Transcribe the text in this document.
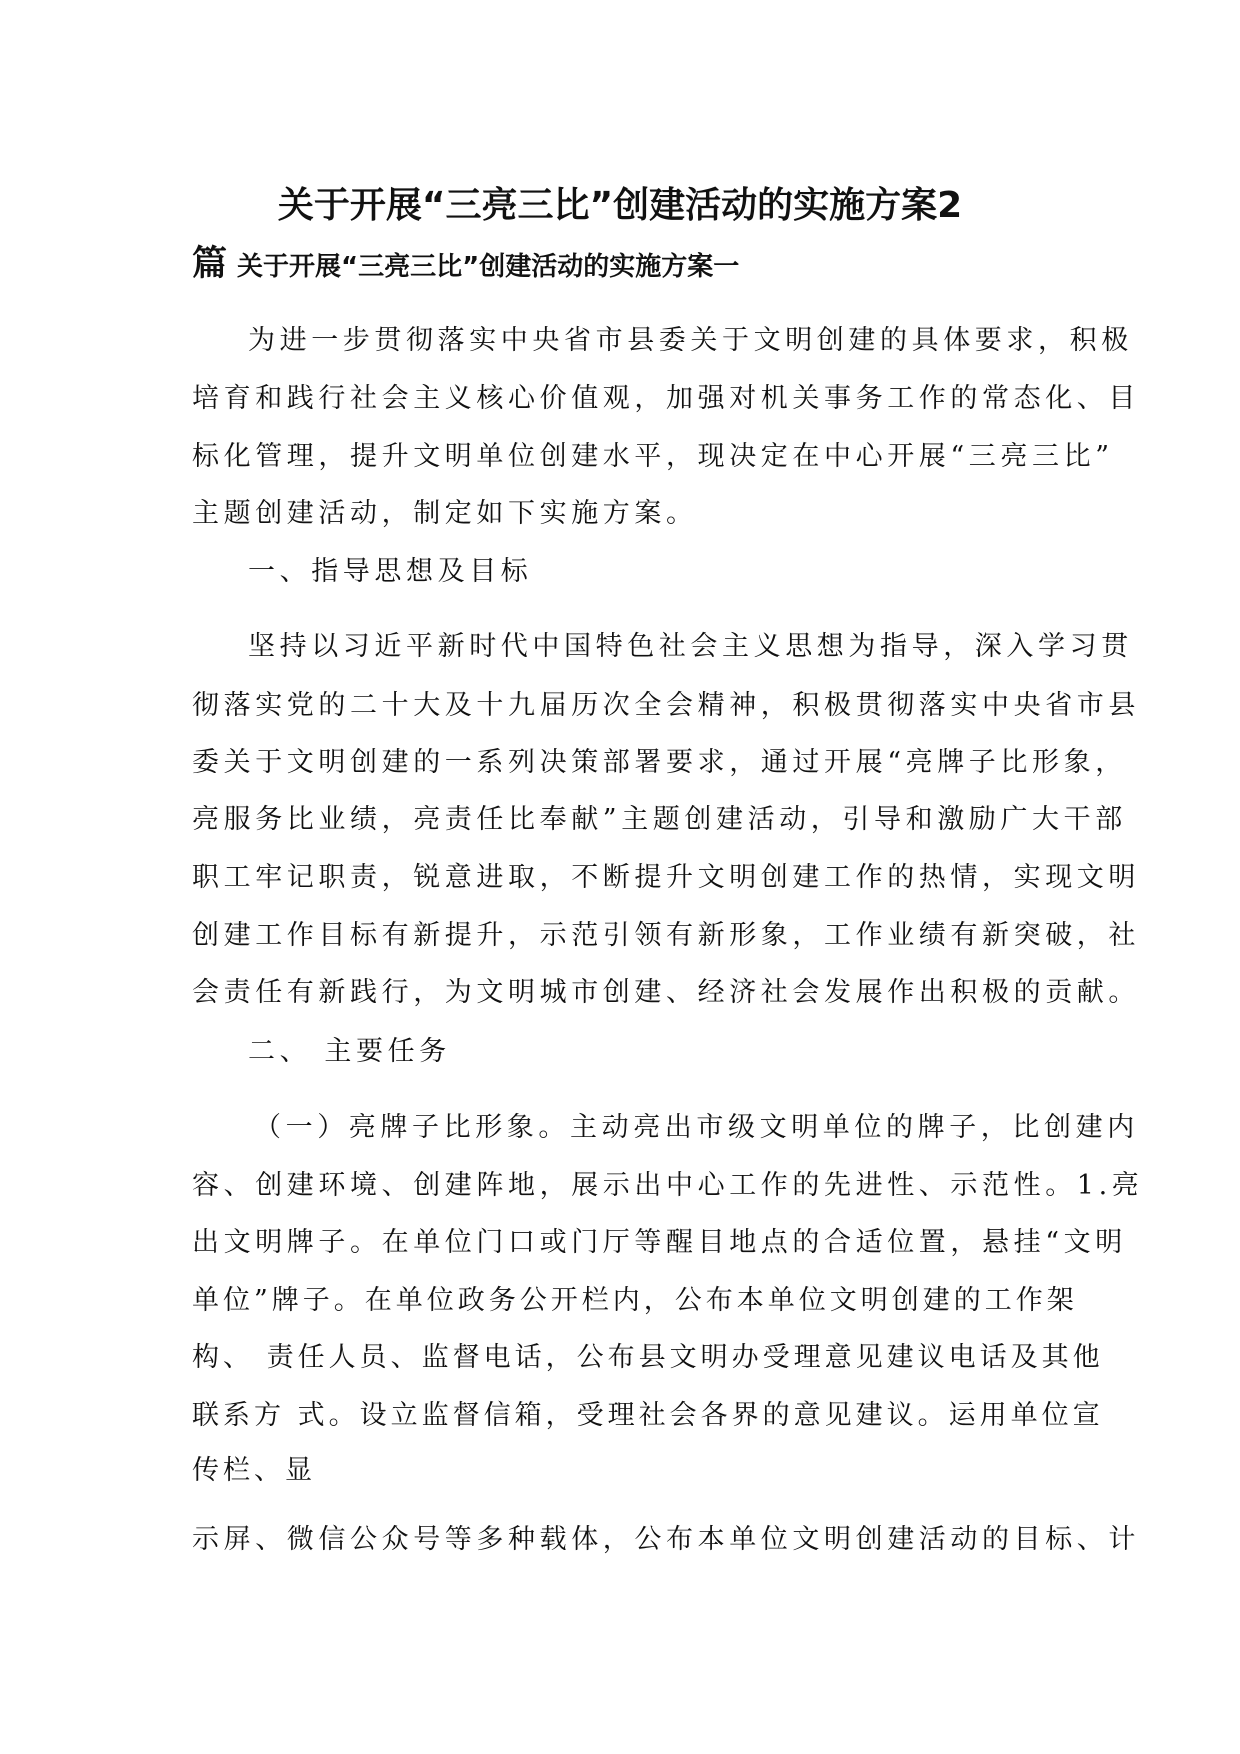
关于开展“三亮三比”创建活动的实施方案2
篇 关于开展“三亮三比”创建活动的实施方案一
为进一步贯彻落实中央省市县委关于文明创建的具体要求，积极
培育和践行社会主义核心价值观，加强对机关事务工作的常态化、目
标化管理，提升文明单位创建水平，现决定在中心开展“三亮三比”
主题创建活动，制定如下实施方案。
一、指导思想及目标
坚持以习近平新时代中国特色社会主义思想为指导，深入学习贯
彻落实党的二十大及十九届历次全会精神，积极贯彻落实中央省市县
委关于文明创建的一系列决策部署要求，通过开展“亮牌子比形象，
亮服务比业绩，亮责任比奉献”主题创建活动，引导和激励广大干部
职工牢记职责，锐意进取，不断提升文明创建工作的热情，实现文明
创建工作目标有新提升，示范引领有新形象，工作业绩有新突破，社
会责任有新践行，为文明城市创建、经济社会发展作出积极的贡献。
二、 主要任务
（一）亮牌子比形象。主动亮出市级文明单位的牌子，比创建内
容、创建环境、创建阵地，展示出中心工作的先进性、示范性。1.亮
出文明牌子。在单位门口或门厅等醒目地点的合适位置，悬挂“文明
单位”牌子。在单位政务公开栏内，公布本单位文明创建的工作架
构、 责任人员、监督电话，公布县文明办受理意见建议电话及其他
联系方 式。设立监督信箱，受理社会各界的意见建议。运用单位宣
传栏、显
示屏、微信公众号等多种载体，公布本单位文明创建活动的目标、计
